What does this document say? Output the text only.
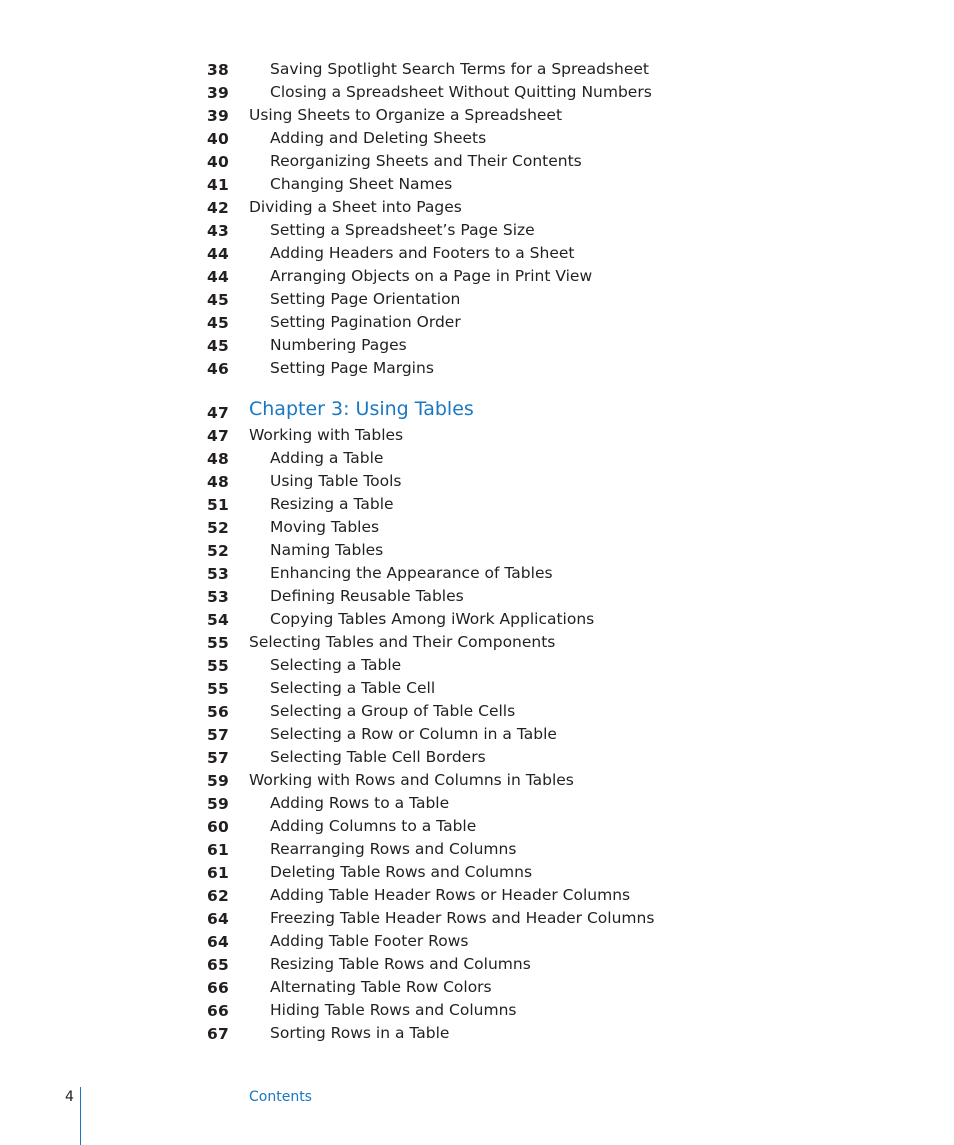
38	Saving Spotlight Search Terms for a Spreadsheet
39	Closing a Spreadsheet Without Quitting Numbers
39 Using Sheets to Organize a Spreadsheet
40	Adding and Deleting Sheets
40	Reorganizing Sheets and Their Contents
41	Changing Sheet Names
42 Dividing a Sheet into Pages
43	Setting a Spreadsheet’s Page Size
44	Adding Headers and Footers to a Sheet
44	Arranging Objects on a Page in Print View
45	Setting Page Orientation
45	Setting Pagination Order
45	Numbering Pages
46	Setting Page Margins
47 Chapter 3: Using Tables
47 Working with Tables
48	Adding a Table
48	Using Table Tools
51	Resizing a Table
52	Moving Tables
52	Naming Tables
53	Enhancing the Appearance of Tables
53	Defining Reusable Tables
54	Copying Tables Among iWork Applications
55 Selecting Tables and Their Components
55	Selecting a Table
55	Selecting a Table Cell
56	Selecting a Group of Table Cells
57	Selecting a Row or Column in a Table
57	Selecting Table Cell Borders
59 Working with Rows and Columns in Tables
59	Adding Rows to a Table
60	Adding Columns to a Table
61	Rearranging Rows and Columns
61	Deleting Table Rows and Columns
62	Adding Table Header Rows or Header Columns
64	Freezing Table Header Rows and Header Columns
64	Adding Table Footer Rows
65	Resizing Table Rows and Columns
66	Alternating Table Row Colors
66	Hiding Table Rows and Columns
67	Sorting Rows in a Table
4	Contents
